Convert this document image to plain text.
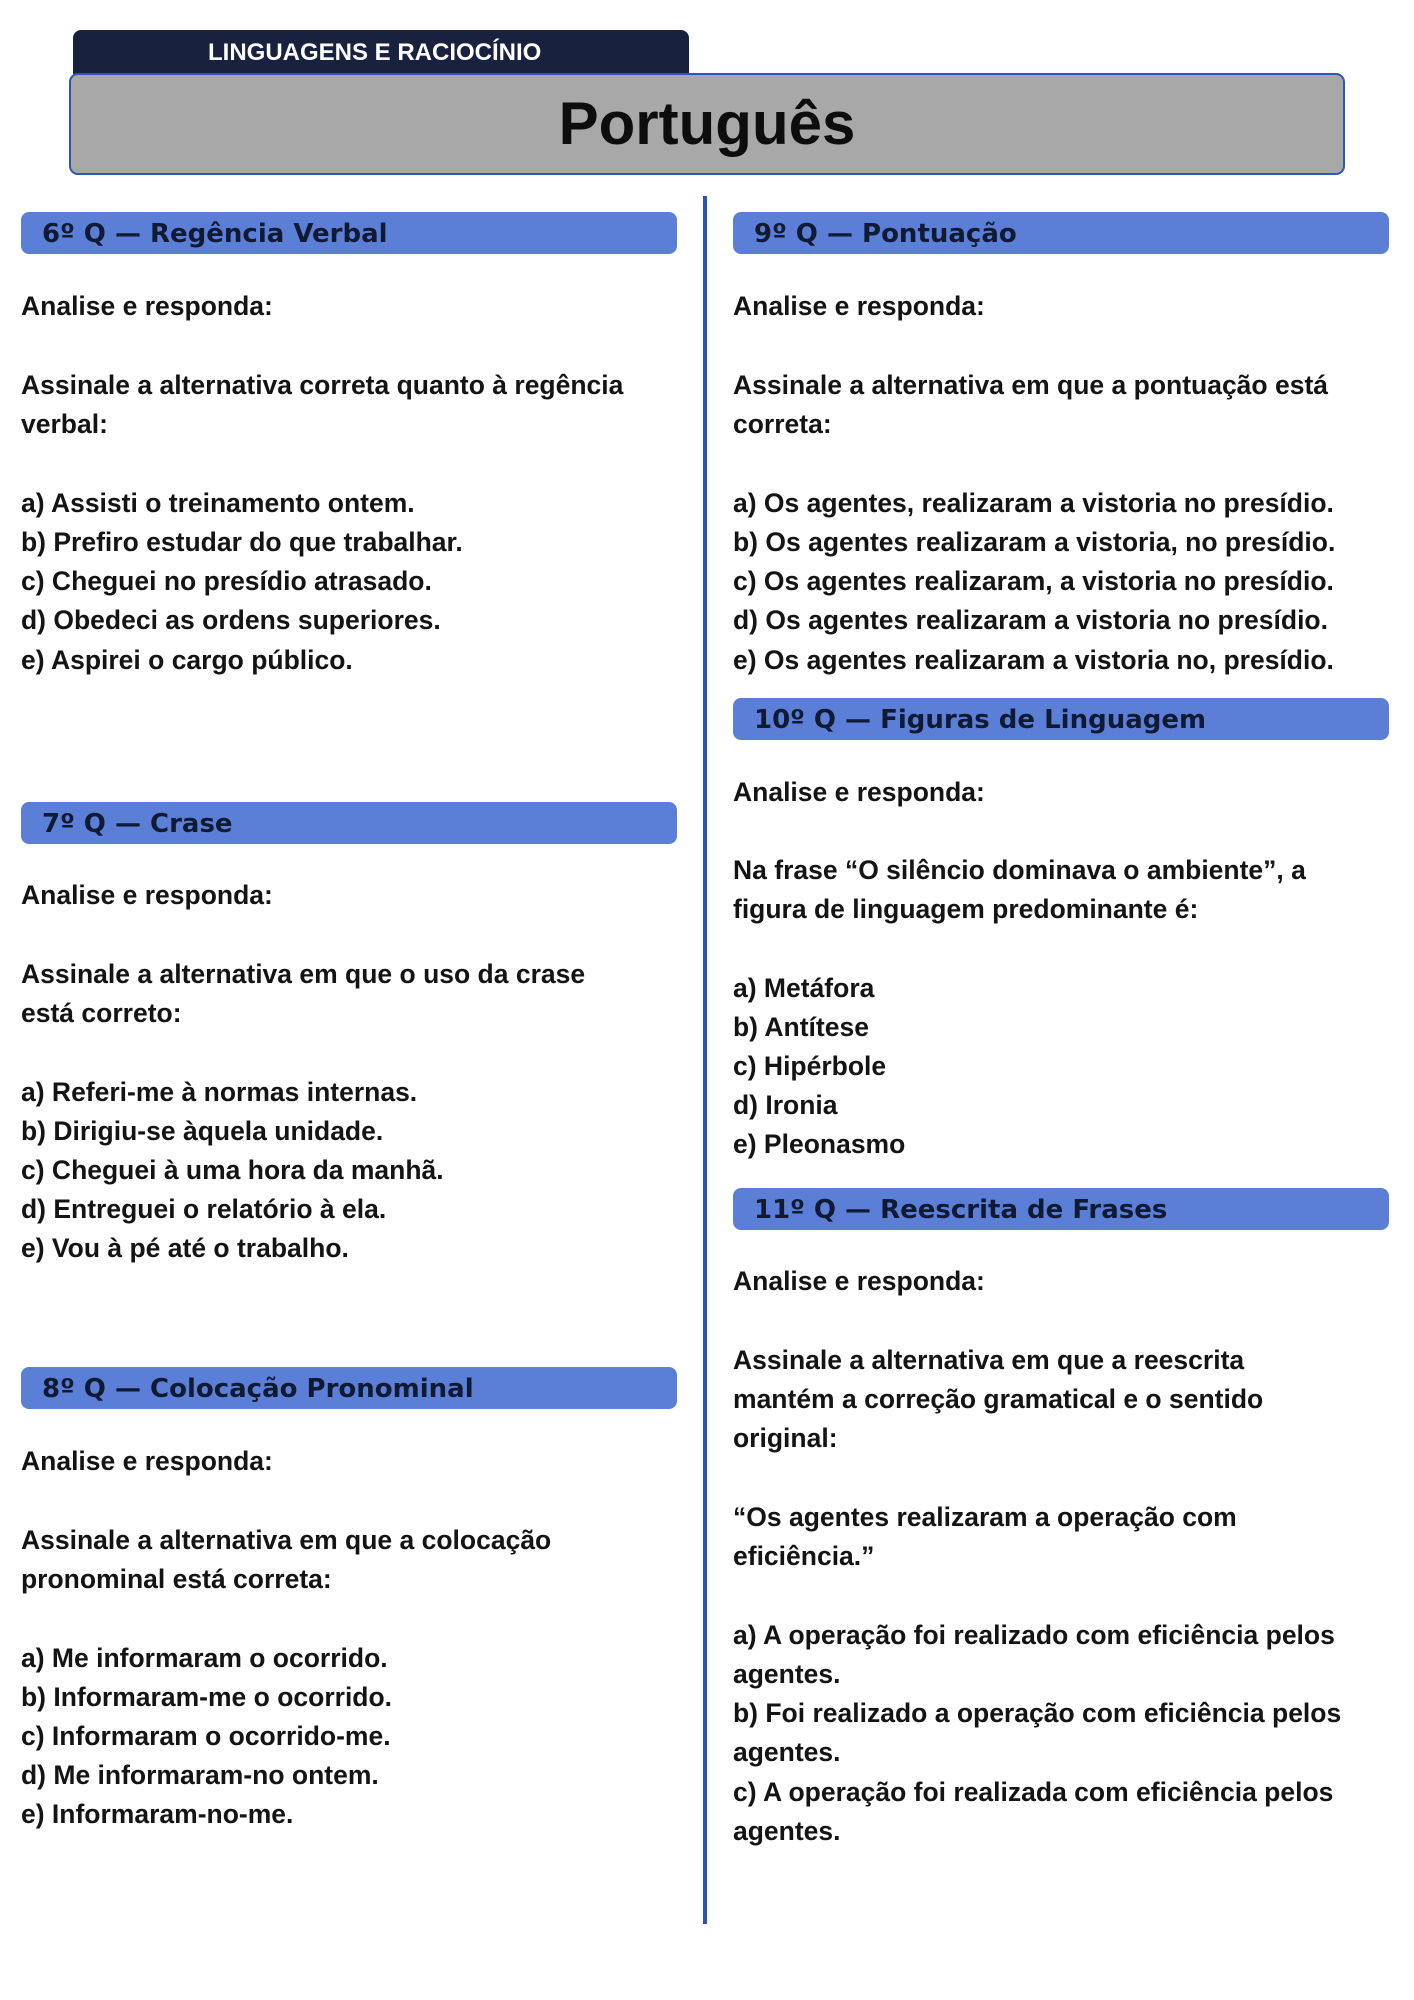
LINGUAGENS E RACIOCÍNIO
Português
6º Q — Regência Verbal
Analise e responda:
Assinale a alternativa correta quanto à regência
verbal:
a) Assisti o treinamento ontem.
b) Prefiro estudar do que trabalhar.
c) Cheguei no presídio atrasado.
d) Obedeci as ordens superiores.
e) Aspirei o cargo público.
7º Q — Crase
Analise e responda:
Assinale a alternativa em que o uso da crase
está correto:
a) Referi-me à normas internas.
b) Dirigiu-se àquela unidade.
c) Cheguei à uma hora da manhã.
d) Entreguei o relatório à ela.
e) Vou à pé até o trabalho.
8º Q — Colocação Pronominal
Analise e responda:
Assinale a alternativa em que a colocação
pronominal está correta:
a) Me informaram o ocorrido.
b) Informaram-me o ocorrido.
c) Informaram o ocorrido-me.
d) Me informaram-no ontem.
e) Informaram-no-me.
9º Q — Pontuação
Analise e responda:
Assinale a alternativa em que a pontuação está
correta:
a) Os agentes, realizaram a vistoria no presídio.
b) Os agentes realizaram a vistoria, no presídio.
c) Os agentes realizaram, a vistoria no presídio.
d) Os agentes realizaram a vistoria no presídio.
e) Os agentes realizaram a vistoria no, presídio.
10º Q — Figuras de Linguagem
Analise e responda:
Na frase “O silêncio dominava o ambiente”, a
figura de linguagem predominante é:
a) Metáfora
b) Antítese
c) Hipérbole
d) Ironia
e) Pleonasmo
11º Q — Reescrita de Frases
Analise e responda:
Assinale a alternativa em que a reescrita
mantém a correção gramatical e o sentido
original:
“Os agentes realizaram a operação com
eficiência.”
a) A operação foi realizado com eficiência pelos
agentes.
b) Foi realizado a operação com eficiência pelos
agentes.
c) A operação foi realizada com eficiência pelos
agentes.
